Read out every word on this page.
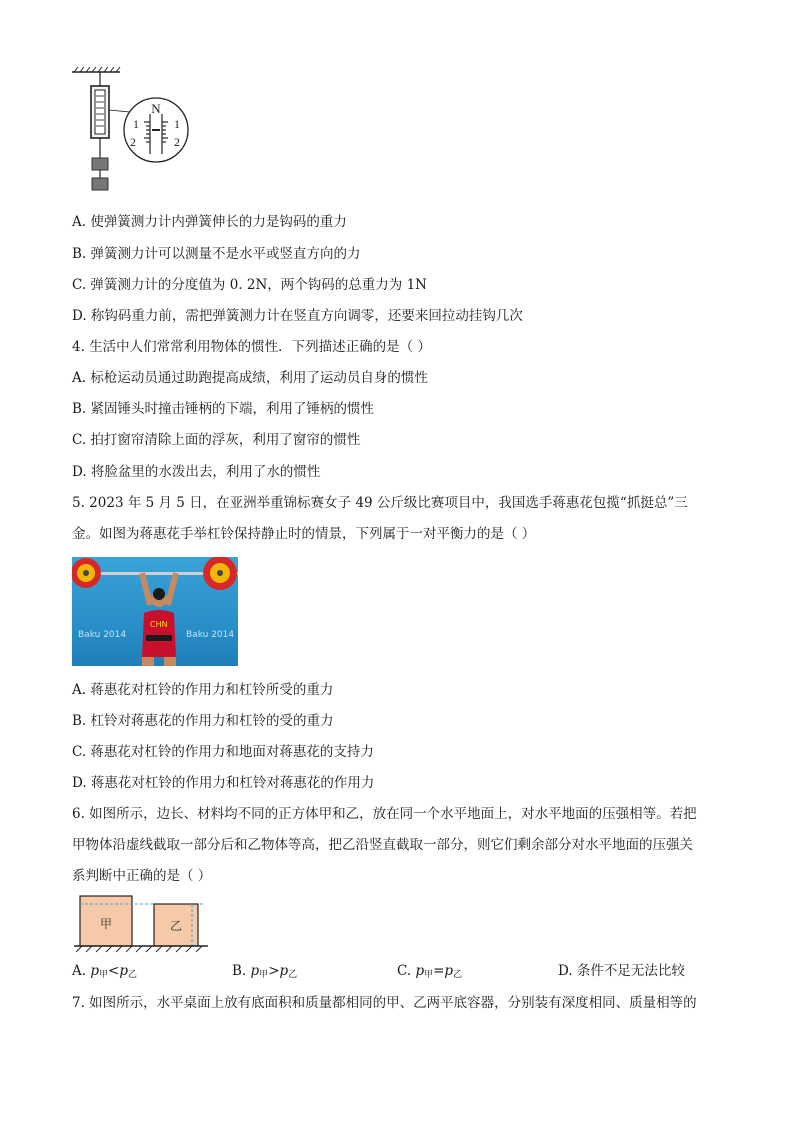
N
1
2
1
2
A. 使弹簧测力计内弹簧伸长的力是钩码的重力
B. 弹簧测力计可以测量不是水平或竖直方向的力
C. 弹簧测力计的分度值为 0. 2N，两个钩码的总重力为 1N
D. 称钩码重力前，需把弹簧测力计在竖直方向调零，还要来回拉动挂钩几次
4. 生活中人们常常利用物体的惯性．下列描述正确的是（ ）
A. 标枪运动员通过助跑提高成绩，利用了运动员自身的惯性
B. 紧固锤头时撞击锤柄的下端，利用了锤柄的惯性
C. 拍打窗帘清除上面的浮灰，利用了窗帘的惯性
D. 将脸盆里的水泼出去，利用了水的惯性
5. 2023 年 5 月 5 日，在亚洲举重锦标赛女子 49 公斤级比赛项目中，我国选手蒋惠花包揽“抓挺总”三
金。如图为蒋惠花手举杠铃保持静止时的情景，下列属于一对平衡力的是（ ）
Baku 2014	Baku 2014
CHN
A. 蒋惠花对杠铃的作用力和杠铃所受的重力
B. 杠铃对蒋惠花的作用力和杠铃的受的重力
C. 蒋惠花对杠铃的作用力和地面对蒋惠花的支持力
D. 蒋惠花对杠铃的作用力和杠铃对蒋惠花的作用力
6. 如图所示，边长、材料均不同的正方体甲和乙，放在同一个水平地面上，对水平地面的压强相等。若把
甲物体沿虚线截取一部分后和乙物体等高，把乙沿竖直截取一部分，则它们剩余部分对水平地面的压强关
系判断中正确的是（ ）
甲	乙
A. $p_甲<p_乙$	B. $p_甲>p_乙$	C. $p_甲=p_乙$	D. 条件不足无法比较
7. 如图所示，水平桌面上放有底面积和质量都相同的甲、乙两平底容器，分别装有深度相同、质量相等的
